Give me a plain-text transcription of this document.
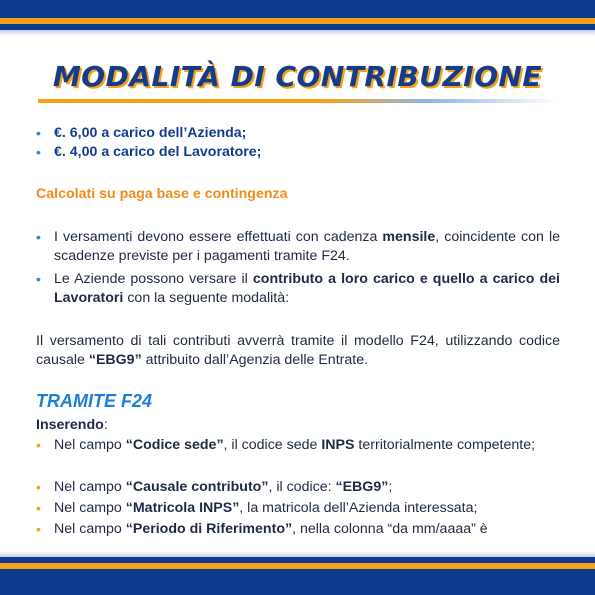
MODALITÀ DI CONTRIBUZIONE
• €. 6,00 a carico dell’Azienda;
• €. 4,00 a carico del Lavoratore;
Calcolati su paga base e contingenza
• I versamenti devono essere effettuati con cadenza mensile, coincidente con le scadenze previste per i pagamenti tramite F24.
• Le Aziende possono versare il contributo a loro carico e quello a carico dei Lavoratori con la seguente modalità:
Il versamento di tali contributi avverrà tramite il modello F24, utilizzando codice causale “EBG9” attribuito dall’Agenzia delle Entrate.
TRAMITE F24
Inserendo:
• Nel campo “Codice sede”, il codice sede INPS territorialmente competente;
• Nel campo “Causale contributo”, il codice: “EBG9”;
• Nel campo “Matricola INPS”, la matricola dell’Azienda interessata;
• Nel campo “Periodo di Riferimento”, nella colonna “da mm/aaaa” è
